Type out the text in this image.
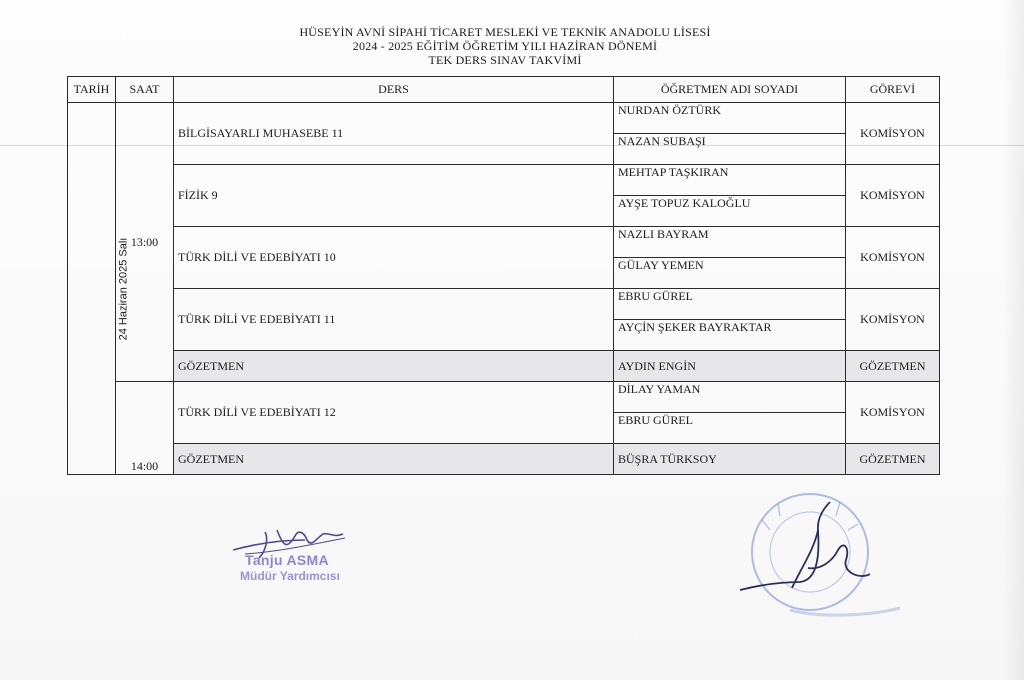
HÜSEYİN AVNİ SİPAHİ TİCARET MESLEKİ VE TEKNİK ANADOLU LİSESİ
2024 - 2025 EĞİTİM ÖĞRETİM YILI HAZİRAN DÖNEMİ
TEK DERS SINAV TAKVİMİ
TARİH	SAAT	DERS	ÖĞRETMEN ADI SOYADI	GÖREVİ
24 Haziran 2025 Salı	13:00	BİLGİSAYARLI MUHASEBE 11	NURDAN ÖZTÜRK	KOMİSYON
			NAZAN SUBAŞI	
		FİZİK 9	MEHTAP TAŞKIRAN	KOMİSYON
			AYŞE TOPUZ KALOĞLU	
		TÜRK DİLİ VE EDEBİYATI 10	NAZLI BAYRAM	KOMİSYON
			GÜLAY YEMEN	
		TÜRK DİLİ VE EDEBİYATI 11	EBRU GÜREL	KOMİSYON
			AYÇİN ŞEKER BAYRAKTAR	
		GÖZETMEN	AYDIN ENGİN	GÖZETMEN
	14:00	TÜRK DİLİ VE EDEBİYATI 12	DİLAY YAMAN	KOMİSYON
			EBRU GÜREL	
		GÖZETMEN	BÜŞRA TÜRKSOY	GÖZETMEN
Tanju ASMA
Müdür Yardımcısı
